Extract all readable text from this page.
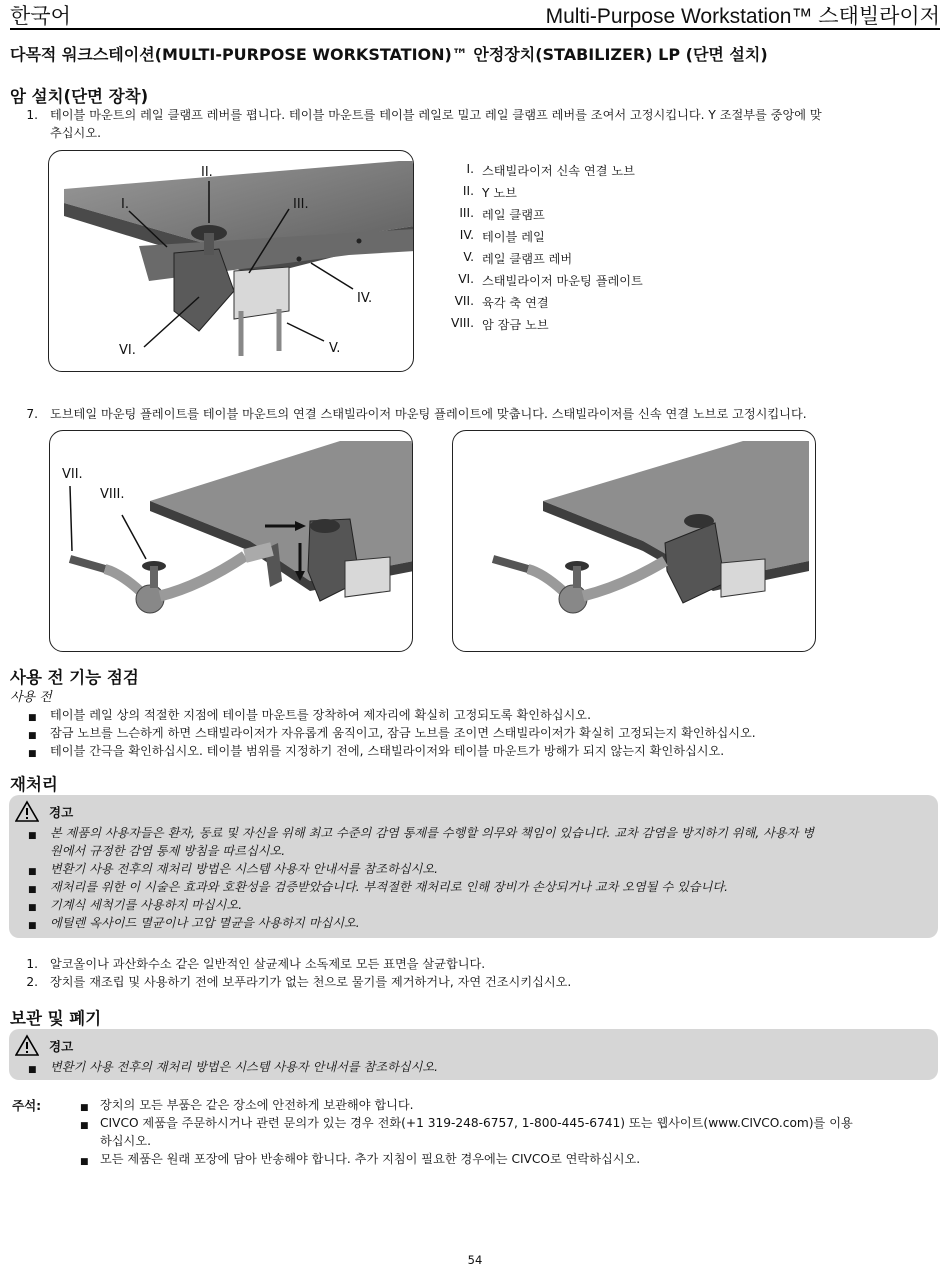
한국어	Multi-Purpose Workstation™ 스태빌라이저
다목적 워크스테이션(MULTI-PURPOSE WORKSTATION)™ 안정장치(STABILIZER) LP (단면 설치)
암 설치(단면 장착)
1. 테이블 마운트의 레일 클램프 레버를 폅니다. 테이블 마운트를 테이블 레일로 밀고 레일 클램프 레버를 조여서 고정시킵니다. Y 조절부를 중앙에 맞
추십시오.
I.
II.
III.
IV.
V.
VI.
I. 스태빌라이저 신속 연결 노브
II. Y 노브
III. 레일 클램프
IV. 테이블 레일
V. 레일 클램프 레버
VI. 스태빌라이저 마운팅 플레이트
VII. 육각 축 연결
VIII. 암 잠금 노브
7. 도브테일 마운팅 플레이트를 테이블 마운트의 연결 스태빌라이저 마운팅 플레이트에 맞춥니다. 스태빌라이저를 신속 연결 노브로 고정시킵니다.
VII.
VIII.
사용 전 기능 점검
사용 전
■ 테이블 레일 상의 적절한 지점에 테이블 마운트를 장착하여 제자리에 확실히 고정되도록 확인하십시오.
■ 잠금 노브를 느슨하게 하면 스태빌라이저가 자유롭게 움직이고, 잠금 노브를 조이면 스태빌라이저가 확실히 고정되는지 확인하십시오.
■ 테이블 간극을 확인하십시오. 테이블 범위를 지정하기 전에, 스태빌라이저와 테이블 마운트가 방해가 되지 않는지 확인하십시오.
재처리
경고
■ 본 제품의 사용자들은 환자, 동료 및 자신을 위해 최고 수준의 감염 통제를 수행할 의무와 책임이 있습니다. 교차 감염을 방지하기 위해, 사용자 병
원에서 규정한 감염 통제 방침을 따르십시오.
■ 변환기 사용 전후의 재처리 방법은 시스템 사용자 안내서를 참조하십시오.
■ 재처리를 위한 이 시술은 효과와 호환성을 검증받았습니다. 부적절한 재처리로 인해 장비가 손상되거나 교차 오염될 수 있습니다.
■ 기계식 세척기를 사용하지 마십시오.
■ 에틸렌 옥사이드 멸균이나 고압 멸균을 사용하지 마십시오.
1. 알코올이나 과산화수소 같은 일반적인 살균제나 소독제로 모든 표면을 살균합니다.
2. 장치를 재조립 및 사용하기 전에 보푸라기가 없는 천으로 물기를 제거하거나, 자연 건조시키십시오.
보관 및 폐기
경고
■ 변환기 사용 전후의 재처리 방법은 시스템 사용자 안내서를 참조하십시오.
주석:	■ 장치의 모든 부품은 같은 장소에 안전하게 보관해야 합니다.
■ CIVCO 제품을 주문하시거나 관련 문의가 있는 경우 전화(+1 319-248-6757, 1-800-445-6741) 또는 웹사이트(www.CIVCO.com)를 이용
하십시오.
■ 모든 제품은 원래 포장에 담아 반송해야 합니다. 추가 지침이 필요한 경우에는 CIVCO로 연락하십시오.
54
